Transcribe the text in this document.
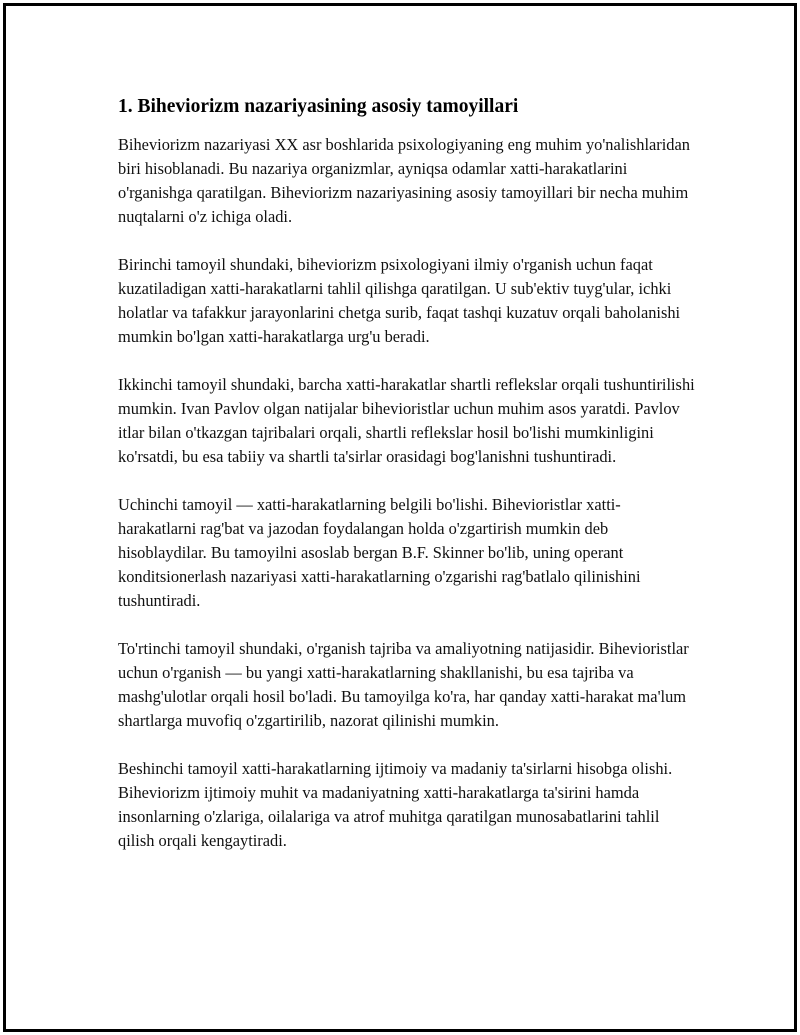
1. Biheviorizm nazariyasining asosiy tamoyillari

Biheviorizm nazariyasi XX asr boshlarida psixologiyaning eng muhim yo'nalishlaridan biri hisoblanadi. Bu nazariya organizmlar, ayniqsa odamlar xatti-harakatlarini o'rganishga qaratilgan. Biheviorizm nazariyasining asosiy tamoyillari bir necha muhim nuqtalarni o'z ichiga oladi.

Birinchi tamoyil shundaki, biheviorizm psixologiyani ilmiy o'rganish uchun faqat kuzatiladigan xatti-harakatlarni tahlil qilishga qaratilgan. U sub'ektiv tuyg'ular, ichki holatlar va tafakkur jarayonlarini chetga surib, faqat tashqi kuzatuv orqali baholanishi mumkin bo'lgan xatti-harakatlarga urg'u beradi.

Ikkinchi tamoyil shundaki, barcha xatti-harakatlar shartli reflekslar orqali tushuntirilishi mumkin. Ivan Pavlov olgan natijalar bihevioristlar uchun muhim asos yaratdi. Pavlov itlar bilan o'tkazgan tajribalari orqali, shartli reflekslar hosil bo'lishi mumkinligini ko'rsatdi, bu esa tabiiy va shartli ta'sirlar orasidagi bog'lanishni tushuntiradi.

Uchinchi tamoyil — xatti-harakatlarning belgili bo'lishi. Bihevioristlar xatti-harakatlarni rag'bat va jazodan foydalangan holda o'zgartirish mumkin deb hisoblaydilar. Bu tamoyilni asoslab bergan B.F. Skinner bo'lib, uning operant konditsionerlash nazariyasi xatti-harakatlarning o'zgarishi rag'batlalo qilinishini tushuntiradi.

To'rtinchi tamoyil shundaki, o'rganish tajriba va amaliyotning natijasidir. Bihevioristlar uchun o'rganish — bu yangi xatti-harakatlarning shakllanishi, bu esa tajriba va mashg'ulotlar orqali hosil bo'ladi. Bu tamoyilga ko'ra, har qanday xatti-harakat ma'lum shartlarga muvofiq o'zgartirilib, nazorat qilinishi mumkin.

Beshinchi tamoyil xatti-harakatlarning ijtimoiy va madaniy ta'sirlarni hisobga olishi. Biheviorizm ijtimoiy muhit va madaniyatning xatti-harakatlarga ta'sirini hamda insonlarning o'zlariga, oilalariga va atrof muhitga qaratilgan munosabatlarini tahlil qilish orqali kengaytiradi.
